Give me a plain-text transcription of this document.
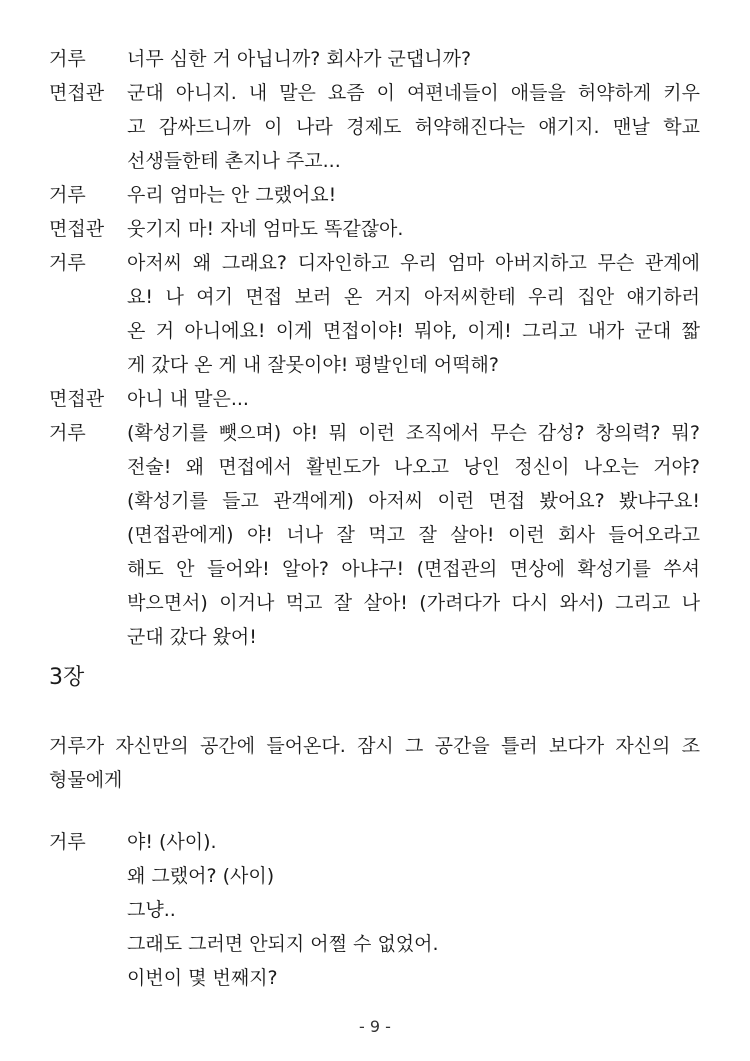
거루 너무 심한 거 아닙니까? 회사가 군댑니까?
면접관 군대 아니지. 내 말은 요즘 이 여편네들이 애들을 허약하게 키우
고 감싸드니까 이 나라 경제도 허약해진다는 얘기지. 맨날 학교
선생들한테 촌지나 주고...
거루 우리 엄마는 안 그랬어요!
면접관 웃기지 마! 자네 엄마도 똑같잖아.
거루 아저씨 왜 그래요? 디자인하고 우리 엄마 아버지하고 무슨 관계에
요! 나 여기 면접 보러 온 거지 아저씨한테 우리 집안 얘기하러
온 거 아니에요! 이게 면접이야! 뭐야, 이게! 그리고 내가 군대 짧
게 갔다 온 게 내 잘못이야! 평발인데 어떡해?
면접관 아니 내 말은...
거루 (확성기를 뺏으며) 야! 뭐 이런 조직에서 무슨 감성? 창의력? 뭐?
전술! 왜 면접에서 활빈도가 나오고 낭인 정신이 나오는 거야?
(확성기를 들고 관객에게) 아저씨 이런 면접 봤어요? 봤냐구요!
(면접관에게) 야! 너나 잘 먹고 잘 살아! 이런 회사 들어오라고
해도 안 들어와! 알아? 아냐구! (면접관의 면상에 확성기를 쑤셔
박으면서) 이거나 먹고 잘 살아! (가려다가 다시 와서) 그리고 나
군대 갔다 왔어!
3장
거루가 자신만의 공간에 들어온다. 잠시 그 공간을 틀러 보다가 자신의 조
형물에게
거루 야! (사이).
왜 그랬어? (사이)
그냥..
그래도 그러면 안되지 어쩔 수 없었어.
이번이 몇 번째지?
- 9 -
